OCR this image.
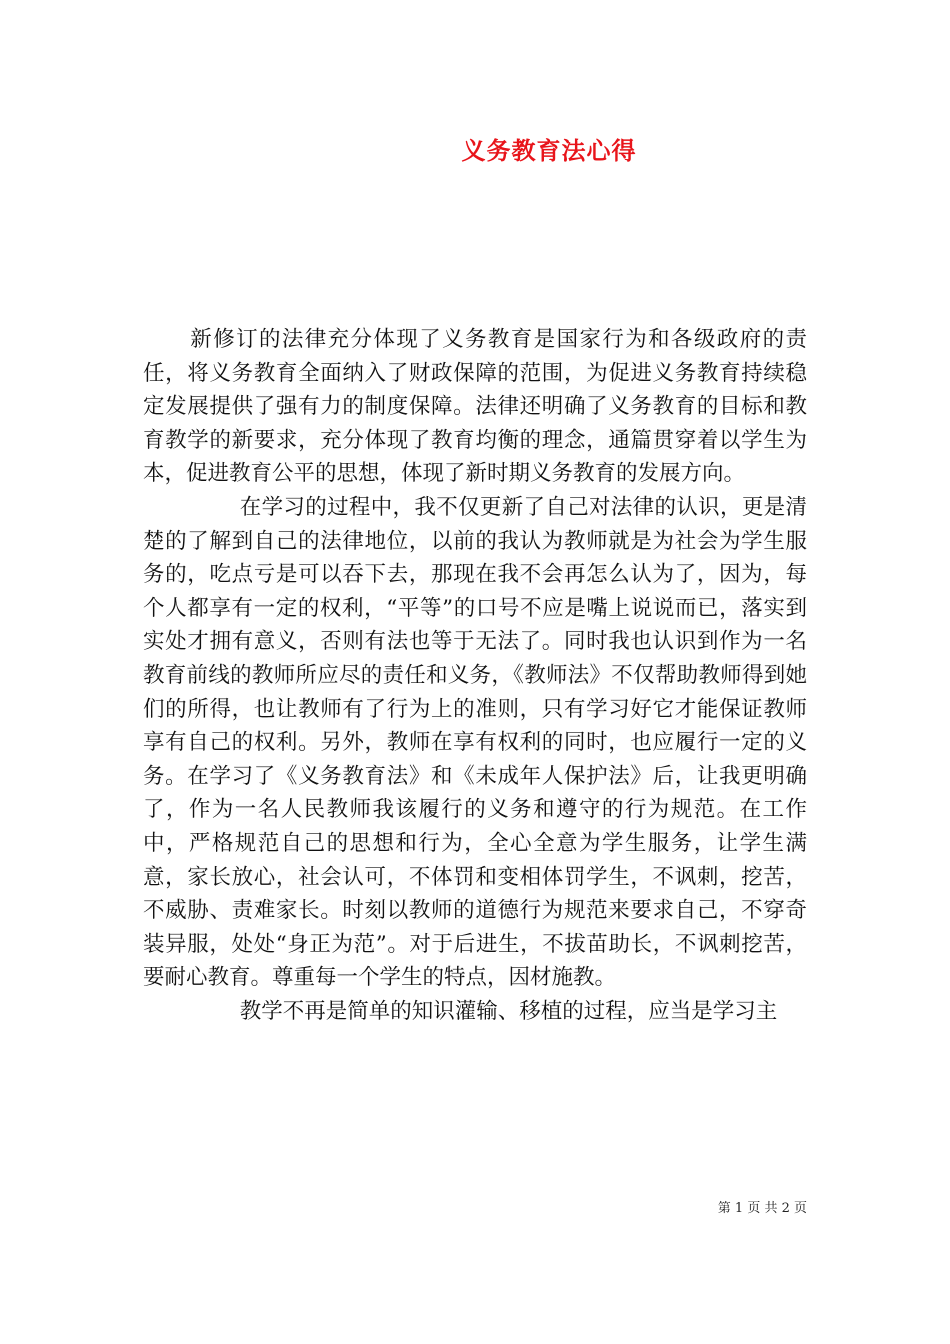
义务教育法心得

新修订的法律充分体现了义务教育是国家行为和各级政府的责任，将义务教育全面纳入了财政保障的范围，为促进义务教育持续稳定发展提供了强有力的制度保障。法律还明确了义务教育的目标和教育教学的新要求，充分体现了教育均衡的理念，通篇贯穿着以学生为本，促进教育公平的思想，体现了新时期义务教育的发展方向。

在学习的过程中，我不仅更新了自己对法律的认识，更是清楚的了解到自己的法律地位，以前的我认为教师就是为社会为学生服务的，吃点亏是可以吞下去，那现在我不会再怎么认为了，因为，每个人都享有一定的权利，“平等”的口号不应是嘴上说说而已，落实到实处才拥有意义，否则有法也等于无法了。同时我也认识到作为一名教育前线的教师所应尽的责任和义务，《教师法》不仅帮助教师得到她们的所得，也让教师有了行为上的准则，只有学习好它才能保证教师享有自己的权利。另外，教师在享有权利的同时，也应履行一定的义务。在学习了《义务教育法》和《未成年人保护法》后，让我更明确了，作为一名人民教师我该履行的义务和遵守的行为规范。在工作中，严格规范自己的思想和行为，全心全意为学生服务，让学生满意，家长放心，社会认可，不体罚和变相体罚学生，不讽刺，挖苦，不威胁、责难家长。时刻以教师的道德行为规范来要求自己，不穿奇装异服，处处“身正为范”。对于后进生，不拔苗助长，不讽刺挖苦，要耐心教育。尊重每一个学生的特点，因材施教。

教学不再是简单的知识灌输、移植的过程，应当是学习主

第 1 页 共 2 页
